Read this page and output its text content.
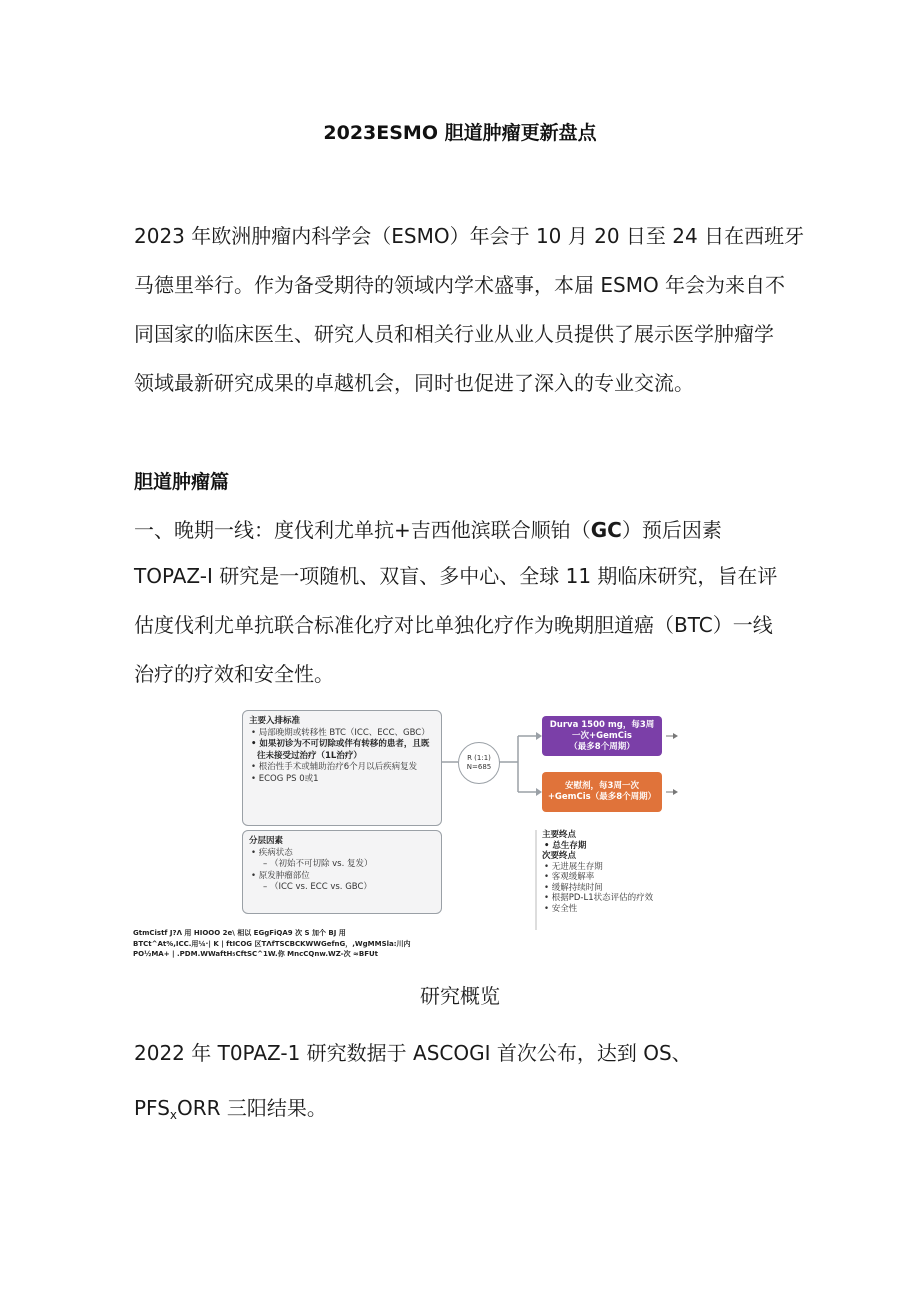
2023ESMO 胆道肿瘤更新盘点
2023 年欧洲肿瘤内科学会（ESMO）年会于 10 月 20 日至 24 日在西班牙
马德里举行。作为备受期待的领域内学术盛事，本届 ESMO 年会为来自不
同国家的临床医生、研究人员和相关行业从业人员提供了展示医学肿瘤学
领域最新研究成果的卓越机会，同时也促进了深入的专业交流。
胆道肿瘤篇
一、晚期一线：度伐利尤单抗+吉西他滨联合顺铂（GC）预后因素
TOPAZ-I 研究是一项随机、双盲、多中心、全球 11 期临床研究，旨在评
估度伐利尤单抗联合标准化疗对比单独化疗作为晚期胆道癌（BTC）一线
治疗的疗效和安全性。
主要入排标准
• 局部晚期或转移性 BTC（ICC、ECC、GBC）
• 如果初诊为不可切除或伴有转移的患者，且既往未接受过治疗（1L治疗）
• 根治性手术或辅助治疗6个月以后疾病复发
• ECOG PS 0或1
分层因素
• 疾病状态
– （初始不可切除 vs. 复发）
• 原发肿瘤部位
– （ICC vs. ECC vs. GBC）
R (1:1)
N=685
Durva 1500 mg，每3周
一次+GemCis
（最多8个周期）
安慰剂，每3周一次
+GemCis（最多8个周期）
主要终点
• 总生存期
次要终点
• 无进展生存期
• 客观缓解率
• 缓解持续时间
• 根据PD-L1状态评估的疗效
• 安全性
GtmCistf J?Λ 用 HIOOO 2e\ 相以 EGgFiQA9 次 S 加个 BJ 用
BTCt^At%,ICC.用¼·| K | ftICOG 区TΛfTSCBCKWWGefnG，,WgMMSla:川内
PO½MA+ | .PDM.WWaftH₅CftSC^1W.你 MncCQnw.WZ-次 ≈BFUt
研究概览
2022 年 T0PAZ-1 研究数据于 ASCOGI 首次公布，达到 OS、
$PFS_xORR$ 三阳结果。
